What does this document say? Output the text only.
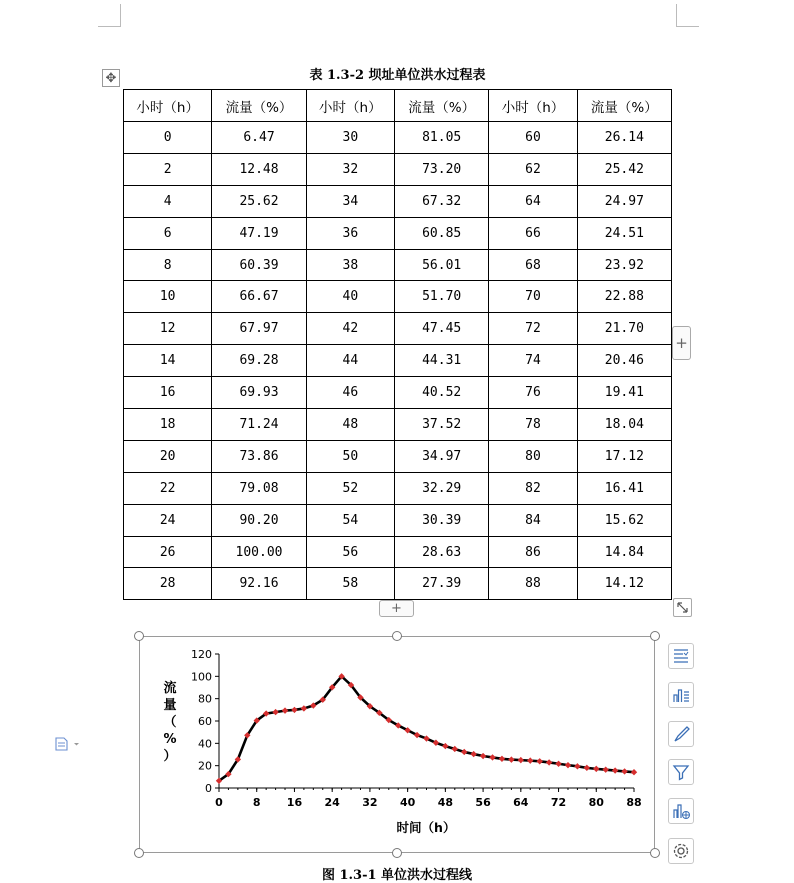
✥	表 1.3-2 坝址单位洪水过程表
小时（h）	流量（%）	小时（h）	流量（%）	小时（h）	流量（%）
0	6.47	30	81.05	60	26.14
2	12.48	32	73.20	62	25.42
4	25.62	34	67.32	64	24.97
6	47.19	36	60.85	66	24.51
8	60.39	38	56.01	68	23.92
10	66.67	40	51.70	70	22.88
12	67.97	42	47.45	72	21.70
14	69.28	44	44.31	74	20.46
16	69.93	46	40.52	76	19.41
18	71.24	48	37.52	78	18.04
20	73.86	50	34.97	80	17.12
22	79.08	52	32.29	82	16.41
24	90.20	54	30.39	84	15.62
26	100.00	56	28.63	86	14.84
28	92.16	58	27.39	88	14.12
+
+
0
20
40
60
80
100
120
0	8 16 24 32 40 48 56 64 72 80 88
流
量
（
%
）
时间（h）
图 1.3-1 单位洪水过程线
